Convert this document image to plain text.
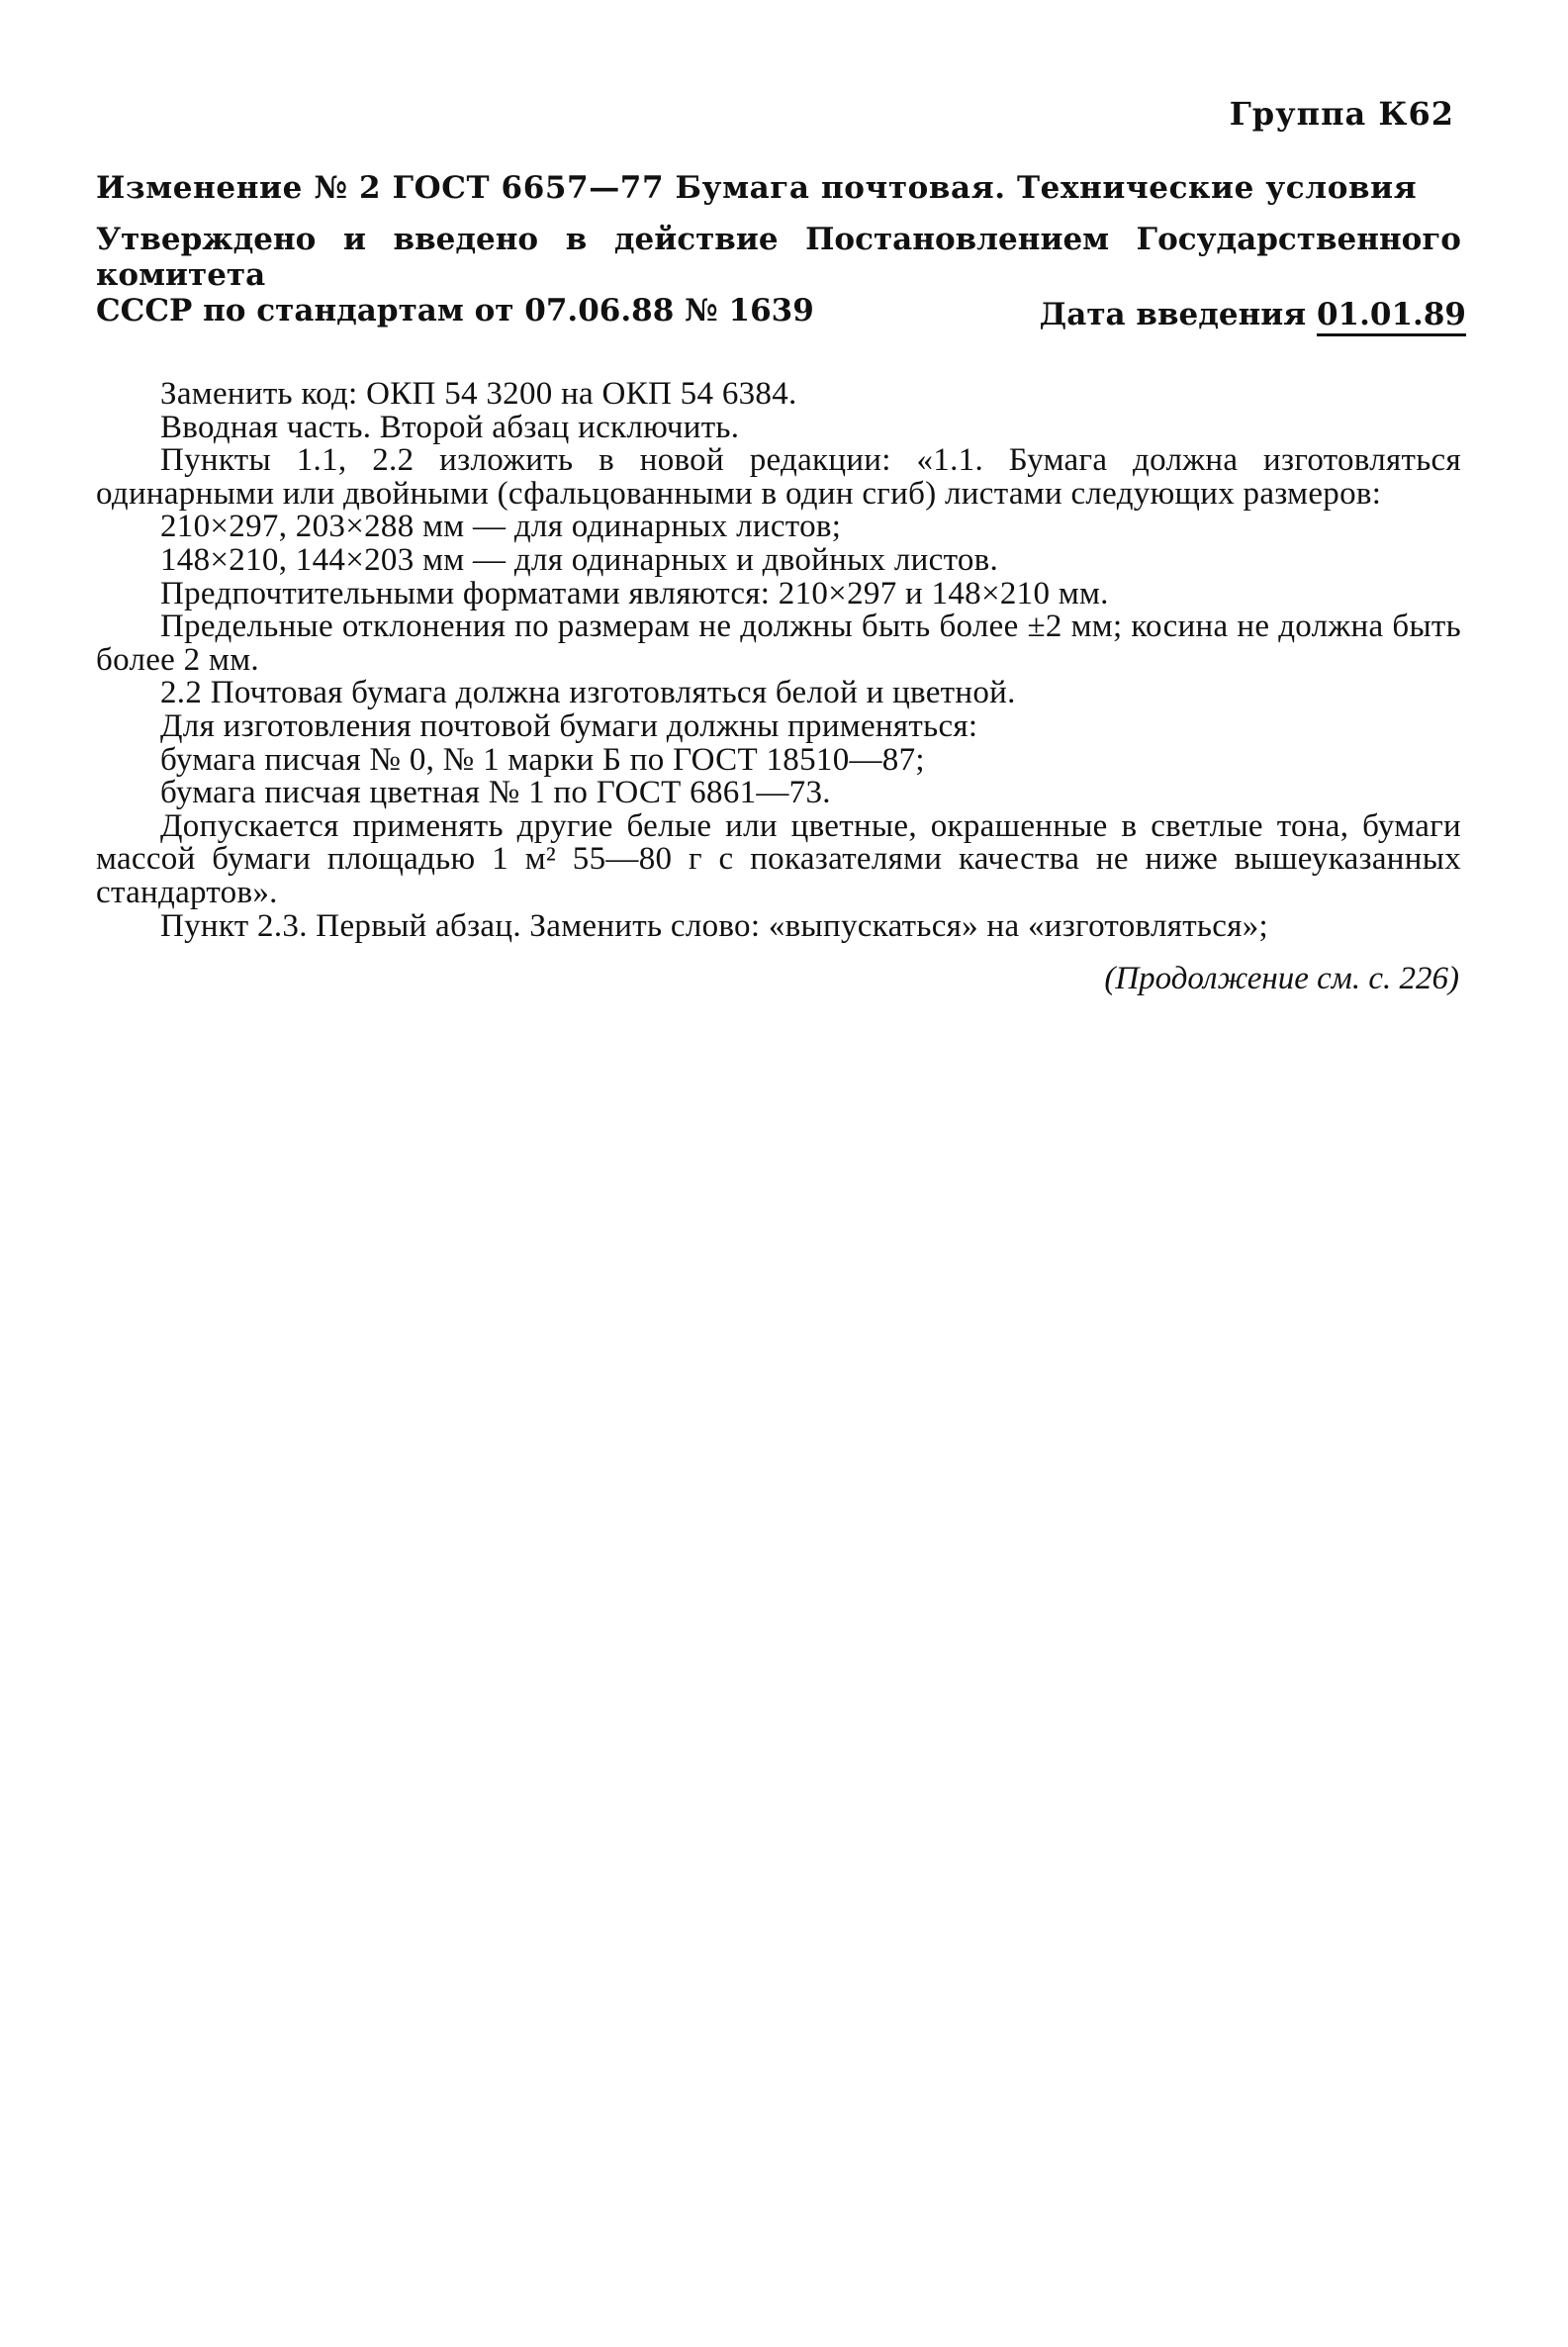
Группа К62
Изменение № 2 ГОСТ 6657—77 Бумага почтовая. Технические условия
Утверждено и введено в действие Постановлением Государственного комитета
СССР по стандартам от 07.06.88 № 1639	Дата введения 01.01.89

Заменить код: ОКП 54 3200 на ОКП 54 6384.

Вводная часть. Второй абзац исключить.

Пункты 1.1, 2.2 изложить в новой редакции: «1.1. Бумага должна изготовляться одинарными или двойными (сфальцованными в один сгиб) листами следующих размеров:

210×297, 203×288 мм — для одинарных листов;

148×210, 144×203 мм — для одинарных и двойных листов.

Предпочтительными форматами являются: 210×297 и 148×210 мм.

Предельные отклонения по размерам не должны быть более ±2 мм; косина не должна быть более 2 мм.

2.2 Почтовая бумага должна изготовляться белой и цветной.

Для изготовления почтовой бумаги должны применяться:

бумага писчая № 0, № 1 марки Б по ГОСТ 18510—87;

бумага писчая цветная № 1 по ГОСТ 6861—73.

Допускается применять другие белые или цветные, окрашенные в светлые тона, бумаги массой бумаги площадью 1 м² 55—80 г с показателями качества не ниже вышеуказанных стандартов».

Пункт 2.3. Первый абзац. Заменить слово: «выпускаться» на «изготовляться»;

(Продолжение см. с. 226)
